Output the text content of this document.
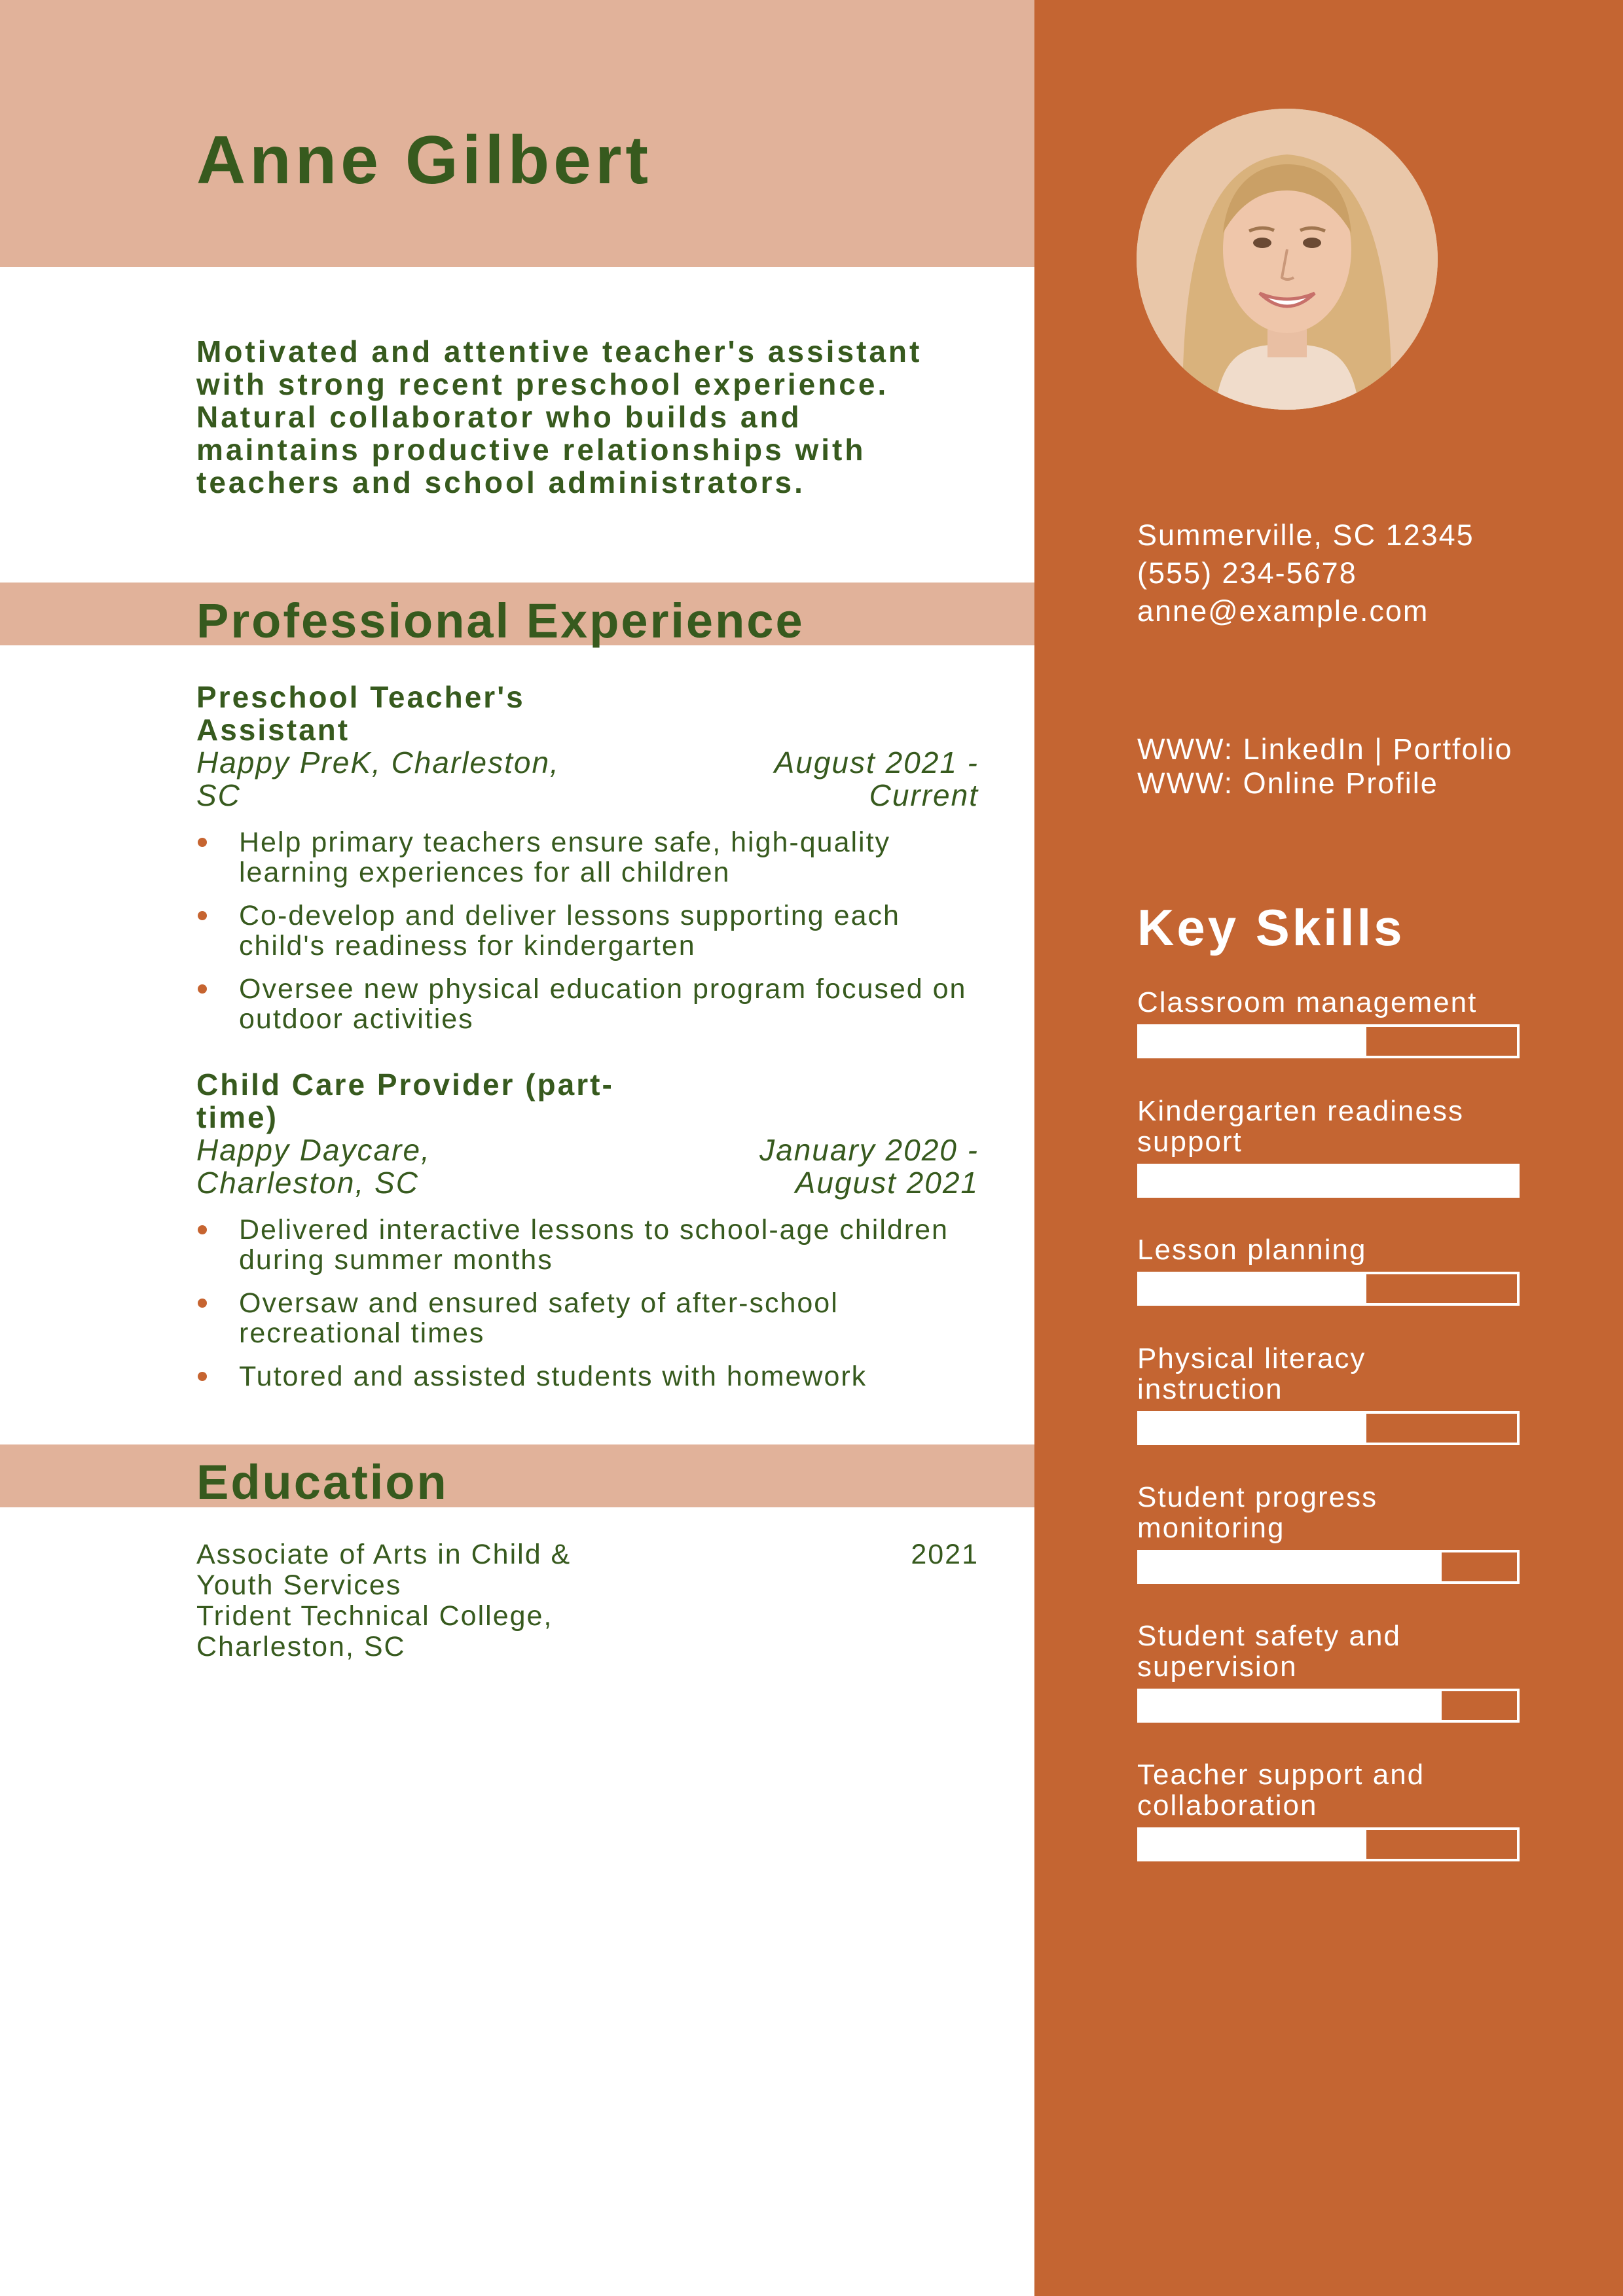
Anne Gilbert
Motivated and attentive teacher's assistant with strong recent preschool experience. Natural collaborator who builds and maintains productive relationships with teachers and school administrators.
Professional Experience
Preschool Teacher's Assistant
Happy PreK, Charleston, SC
August 2021 - Current
Help primary teachers ensure safe, high-quality learning experiences for all children
Co-develop and deliver lessons supporting each child's readiness for kindergarten
Oversee new physical education program focused on outdoor activities
Child Care Provider (part-time)
Happy Daycare, Charleston, SC
January 2020 - August 2021
Delivered interactive lessons to school-age children during summer months
Oversaw and ensured safety of after-school recreational times
Tutored and assisted students with homework
Education
Associate of Arts in Child & Youth Services
Trident Technical College, Charleston, SC
2021
Summerville, SC 12345
(555) 234-5678
anne@example.com
WWW: LinkedIn | Portfolio
WWW: Online Profile
Key Skills
Classroom management
Kindergarten readiness support
Lesson planning
Physical literacy instruction
Student progress monitoring
Student safety and supervision
Teacher support and collaboration
